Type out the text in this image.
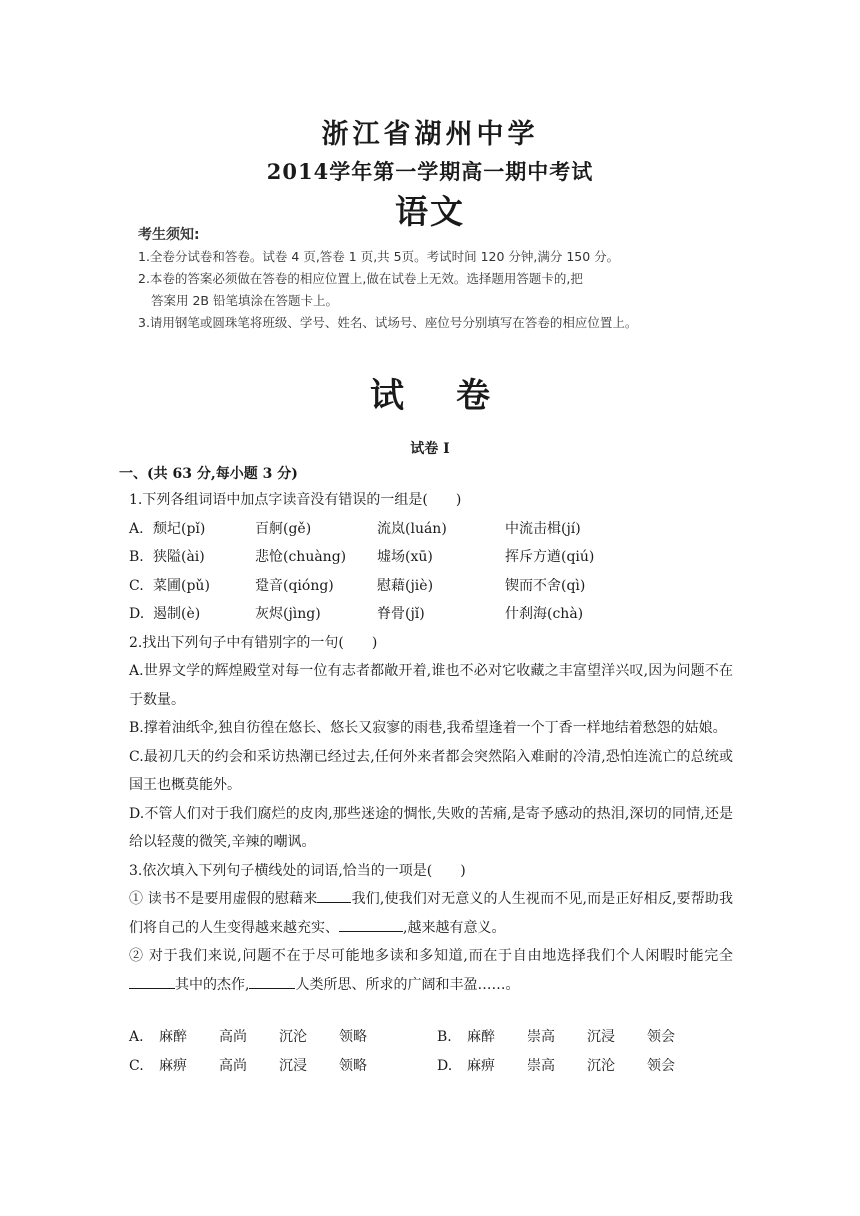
浙江省湖州中学
2014学年第一学期高一期中考试
语文
考生须知:
1.全卷分试卷和答卷。试卷 4 页,答卷 1 页,共 5页。考试时间 120 分钟,满分 150 分。
2.本卷的答案必须做在答卷的相应位置上,做在试卷上无效。选择题用答题卡的,把
答案用 2B 铅笔填涂在答题卡上。
3.请用钢笔或圆珠笔将班级、学号、姓名、试场号、座位号分别填写在答卷的相应位置上。
试卷
试卷 I
一、(共 63 分,每小题 3 分)
1.下列各组词语中加点字读音没有错误的一组是(　　)
A. 颓圮(pǐ)	百舸(gě)	流岚(luán)	中流击楫(jí)
B. 狭隘(ài)	悲怆(chuàng)	墟场(xū)	挥斥方遒(qiú)
C. 菜圃(pǔ)	跫音(qióng)	慰藉(jiè)	锲而不舍(qì)
D. 遏制(è)	灰烬(jìng)	脊骨(jǐ)	什刹海(chà)
2.找出下列句子中有错别字的一句(　　)
A.世界文学的辉煌殿堂对每一位有志者都敞开着,谁也不必对它收藏之丰富望洋兴叹,因为问题不在于数量。
B.撑着油纸伞,独自彷徨在悠长、悠长又寂寥的雨巷,我希望逢着一个丁香一样地结着愁怨的姑娘。
C.最初几天的约会和采访热潮已经过去,任何外来者都会突然陷入难耐的冷清,恐怕连流亡的总统或国王也概莫能外。
D.不管人们对于我们腐烂的皮肉,那些迷途的惆怅,失败的苦痛,是寄予感动的热泪,深切的同情,还是给以轻蔑的微笑,辛辣的嘲讽。
3.依次填入下列句子横线处的词语,恰当的一项是(　　)
① 读书不是要用虚假的慰藉来 我们,使我们对无意义的人生视而不见,而是正好相反,要帮助我们将自己的人生变得越来越充实、	,越来越有意义。
② 对于我们来说,问题不在于尽可能地多读和多知道,而在于自由地选择我们个人闲暇时能完全其中的杰作,	人类所思、所求的广阔和丰盈……。
A.	麻醉	高尚	沉沦	领略	B.	麻醉	崇高	沉浸	领会
C.	麻痹	高尚	沉浸	领略	D.	麻痹	崇高	沉沦	领会
